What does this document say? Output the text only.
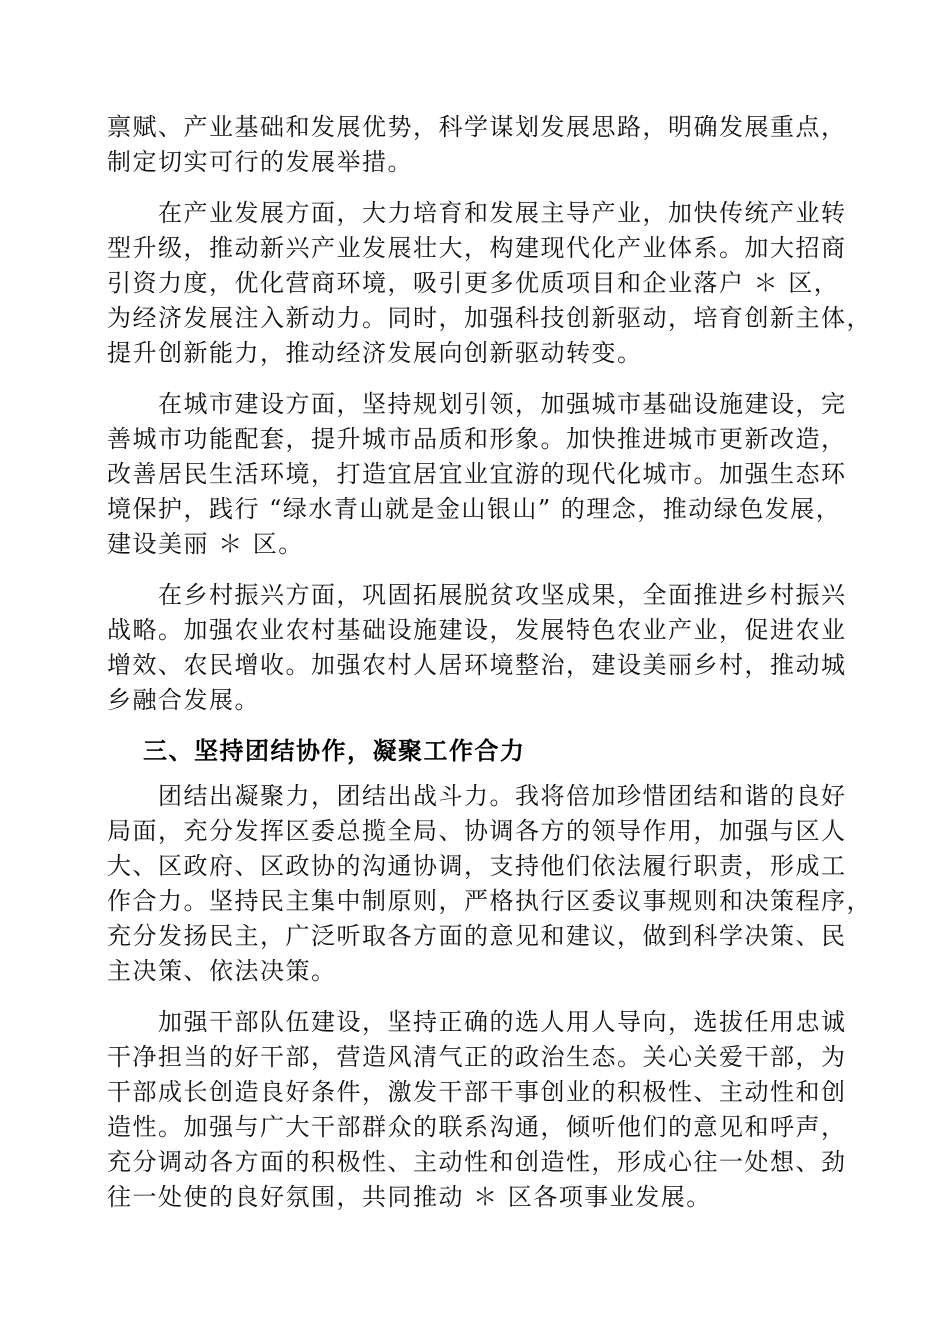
禀赋、产业基础和发展优势，科学谋划发展思路，明确发展重点，
制定切实可行的发展举措。
　　在产业发展方面，大力培育和发展主导产业，加快传统产业转
型升级，推动新兴产业发展壮大，构建现代化产业体系。加大招商
引资力度，优化营商环境，吸引更多优质项目和企业落户 ＊ 区，
为经济发展注入新动力。同时，加强科技创新驱动，培育创新主体，
提升创新能力，推动经济发展向创新驱动转变。
　　在城市建设方面，坚持规划引领，加强城市基础设施建设，完
善城市功能配套，提升城市品质和形象。加快推进城市更新改造，
改善居民生活环境，打造宜居宜业宜游的现代化城市。加强生态环
境保护，践行 “绿水青山就是金山银山” 的理念，推动绿色发展，
建设美丽 ＊ 区。
　　在乡村振兴方面，巩固拓展脱贫攻坚成果，全面推进乡村振兴
战略。加强农业农村基础设施建设，发展特色农业产业，促进农业
增效、农民增收。加强农村人居环境整治，建设美丽乡村，推动城
乡融合发展。
三、坚持团结协作，凝聚工作合力
　　团结出凝聚力，团结出战斗力。我将倍加珍惜团结和谐的良好
局面，充分发挥区委总揽全局、协调各方的领导作用，加强与区人
大、区政府、区政协的沟通协调，支持他们依法履行职责，形成工
作合力。坚持民主集中制原则，严格执行区委议事规则和决策程序，
充分发扬民主，广泛听取各方面的意见和建议，做到科学决策、民
主决策、依法决策。
　　加强干部队伍建设，坚持正确的选人用人导向，选拔任用忠诚
干净担当的好干部，营造风清气正的政治生态。关心关爱干部，为
干部成长创造良好条件，激发干部干事创业的积极性、主动性和创
造性。加强与广大干部群众的联系沟通，倾听他们的意见和呼声，
充分调动各方面的积极性、主动性和创造性，形成心往一处想、劲
往一处使的良好氛围，共同推动 ＊ 区各项事业发展。
